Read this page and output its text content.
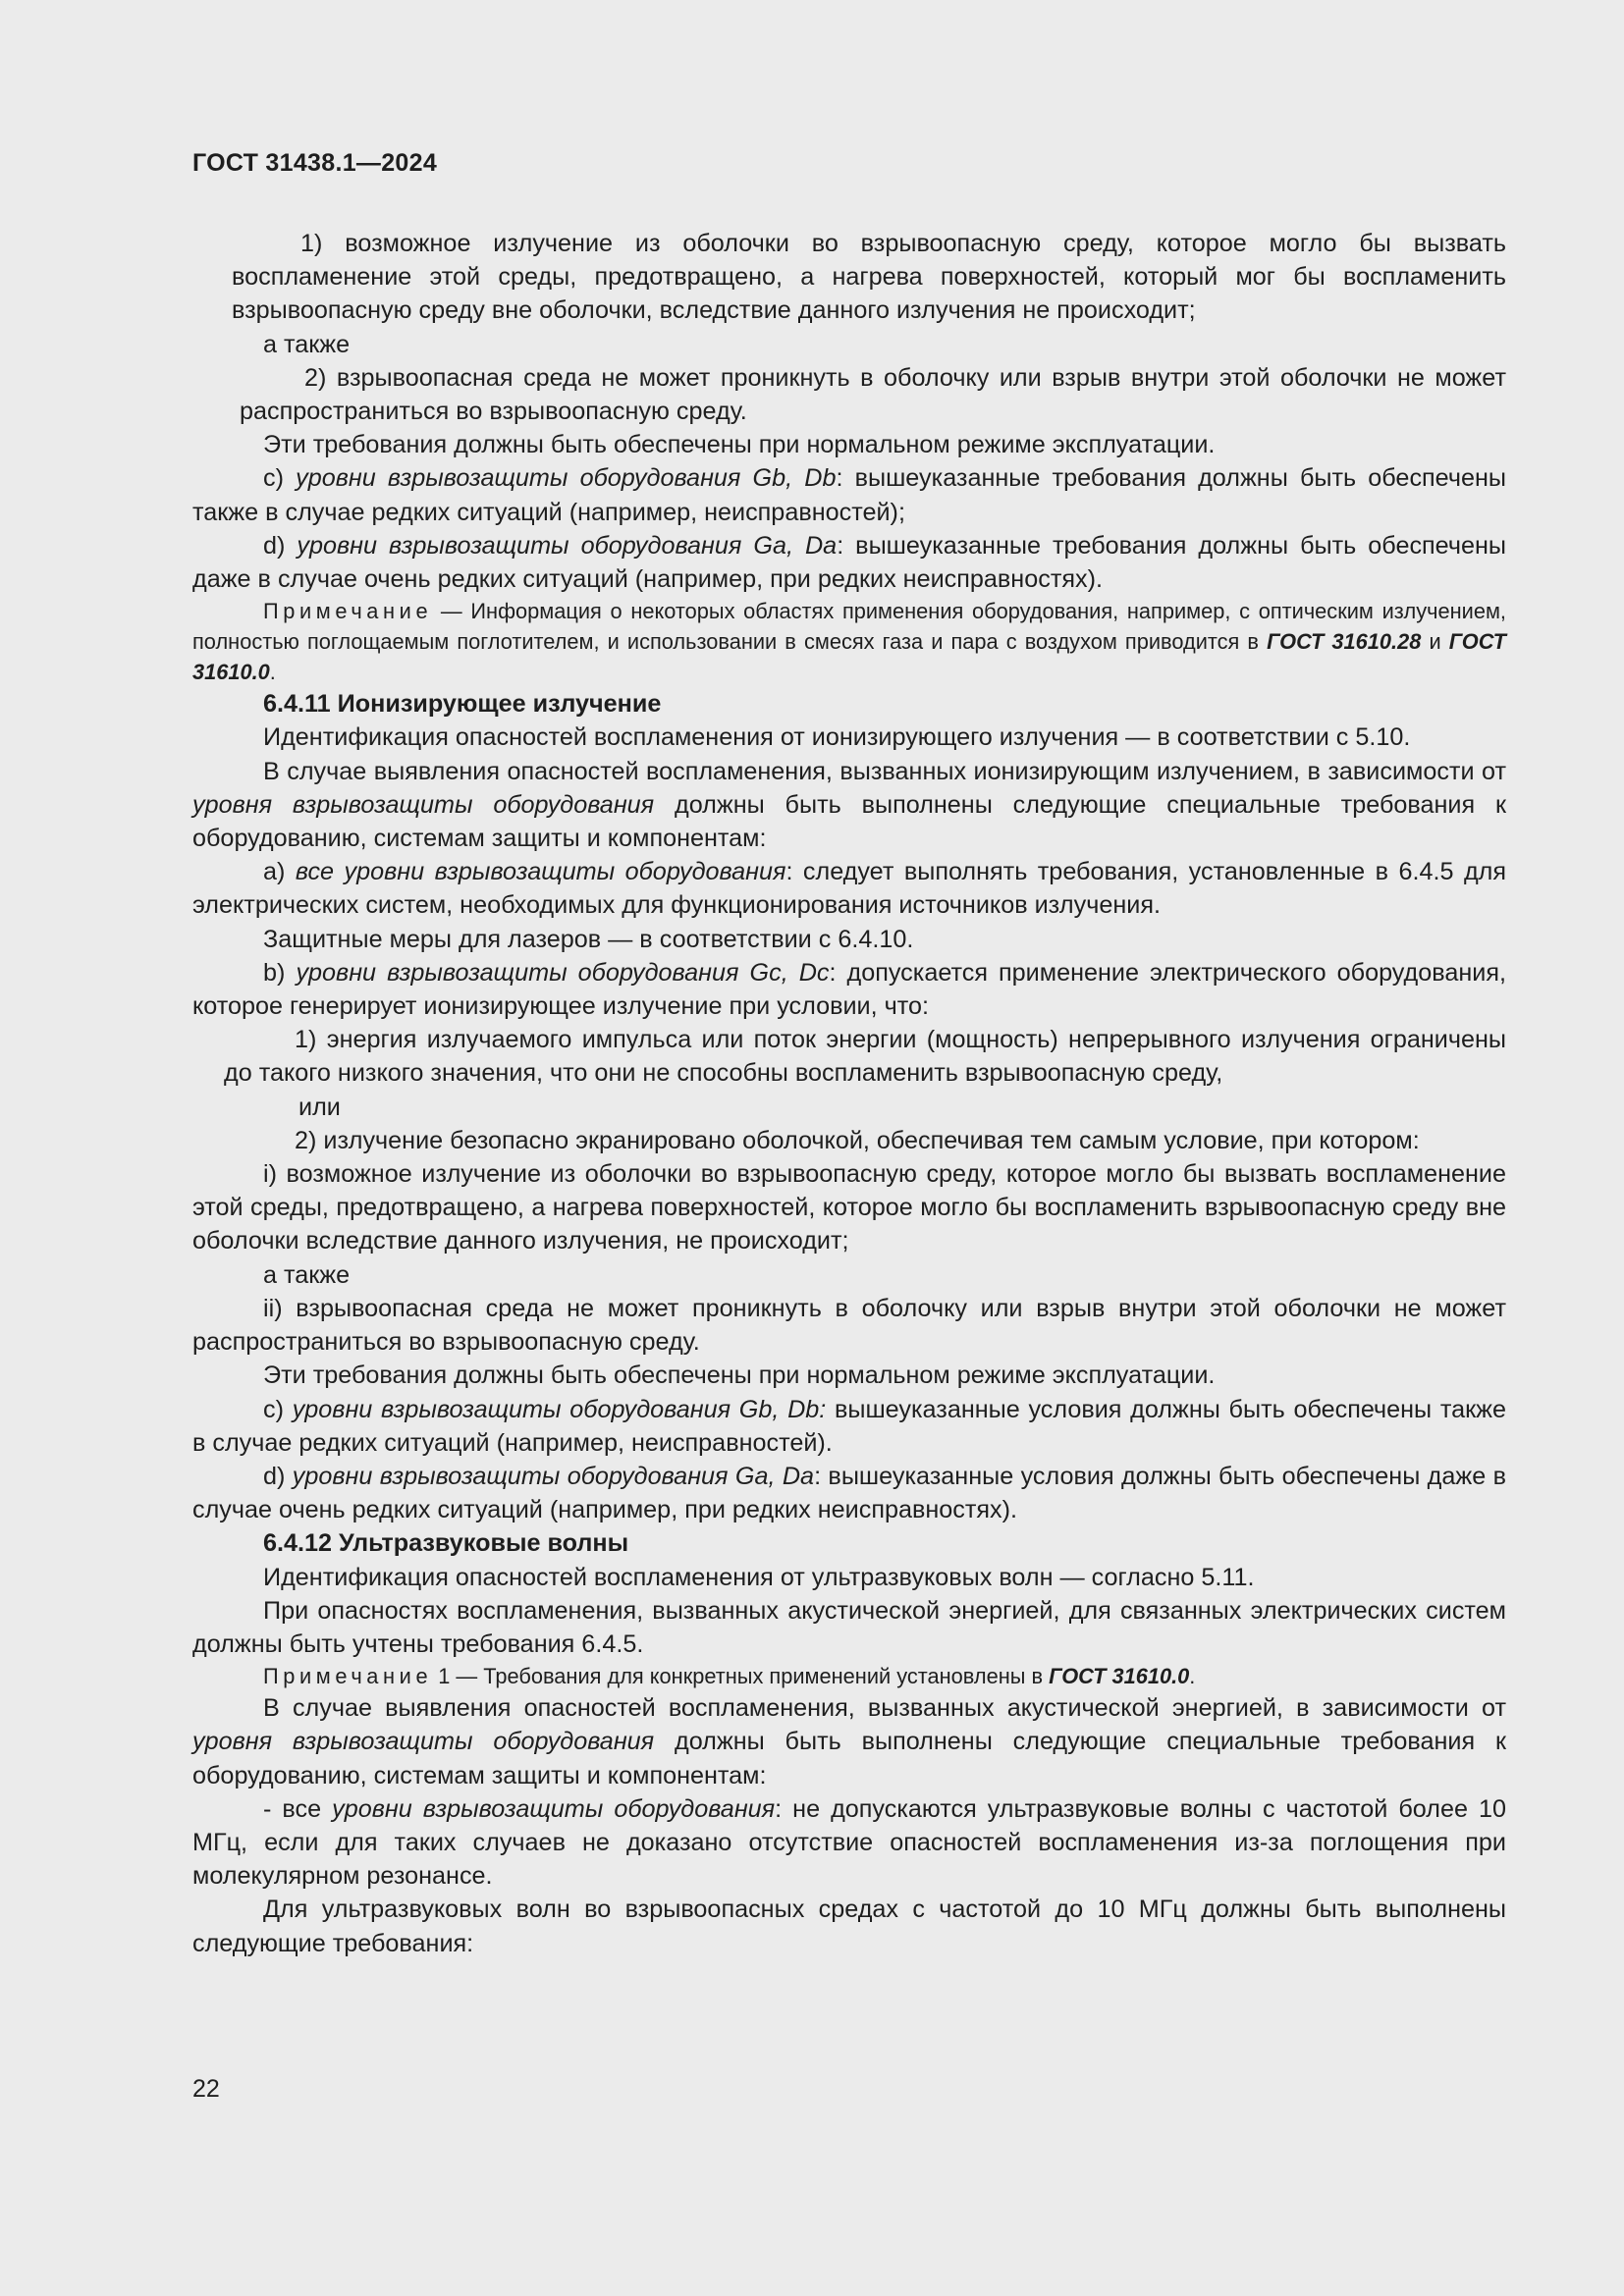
ГОСТ 31438.1—2024

1) возможное излучение из оболочки во взрывоопасную среду, которое могло бы вызвать воспламенение этой среды, предотвращено, а нагрева поверхностей, который мог бы воспламенить взрывоопасную среду вне оболочки, вследствие данного излучения не происходит;

а также

2) взрывоопасная среда не может проникнуть в оболочку или взрыв внутри этой оболочки не может распространиться во взрывоопасную среду.

Эти требования должны быть обеспечены при нормальном режиме эксплуатации.

c) уровни взрывозащиты оборудования Gb, Db: вышеуказанные требования должны быть обеспечены также в случае редких ситуаций (например, неисправностей);

d) уровни взрывозащиты оборудования Ga, Da: вышеуказанные требования должны быть обеспечены даже в случае очень редких ситуаций (например, при редких неисправностях).

Примечание — Информация о некоторых областях применения оборудования, например, с оптическим излучением, полностью поглощаемым поглотителем, и использовании в смесях газа и пара с воздухом приводится в ГОСТ 31610.28 и ГОСТ 31610.0.

6.4.11 Ионизирующее излучение

Идентификация опасностей воспламенения от ионизирующего излучения — в соответствии с 5.10.

В случае выявления опасностей воспламенения, вызванных ионизирующим излучением, в зависимости от уровня взрывозащиты оборудования должны быть выполнены следующие специальные требования к оборудованию, системам защиты и компонентам:

а) все уровни взрывозащиты оборудования: следует выполнять требования, установленные в 6.4.5 для электрических систем, необходимых для функционирования источников излучения.

Защитные меры для лазеров — в соответствии с 6.4.10.

b) уровни взрывозащиты оборудования Gc, Dc: допускается применение электрического оборудования, которое генерирует ионизирующее излучение при условии, что:

1) энергия излучаемого импульса или поток энергии (мощность) непрерывного излучения ограничены до такого низкого значения, что они не способны воспламенить взрывоопасную среду,

или

2) излучение безопасно экранировано оболочкой, обеспечивая тем самым условие, при котором:

i) возможное излучение из оболочки во взрывоопасную среду, которое могло бы вызвать воспламенение этой среды, предотвращено, а нагрева поверхностей, которое могло бы воспламенить взрывоопасную среду вне оболочки вследствие данного излучения, не происходит;

а также

ii) взрывоопасная среда не может проникнуть в оболочку или взрыв внутри этой оболочки не может распространиться во взрывоопасную среду.

Эти требования должны быть обеспечены при нормальном режиме эксплуатации.

c) уровни взрывозащиты оборудования Gb, Db: вышеуказанные условия должны быть обеспечены также в случае редких ситуаций (например, неисправностей).

d) уровни взрывозащиты оборудования Ga, Da: вышеуказанные условия должны быть обеспечены даже в случае очень редких ситуаций (например, при редких неисправностях).

6.4.12 Ультразвуковые волны

Идентификация опасностей воспламенения от ультразвуковых волн — согласно 5.11.

При опасностях воспламенения, вызванных акустической энергией, для связанных электрических систем должны быть учтены требования 6.4.5.

Примечание 1 — Требования для конкретных применений установлены в ГОСТ 31610.0.

В случае выявления опасностей воспламенения, вызванных акустической энергией, в зависимости от уровня взрывозащиты оборудования должны быть выполнены следующие специальные требования к оборудованию, системам защиты и компонентам:

- все уровни взрывозащиты оборудования: не допускаются ультразвуковые волны с частотой более 10 МГц, если для таких случаев не доказано отсутствие опасностей воспламенения из-за поглощения при молекулярном резонансе.

Для ультразвуковых волн во взрывоопасных средах с частотой до 10 МГц должны быть выполнены следующие требования:

22
